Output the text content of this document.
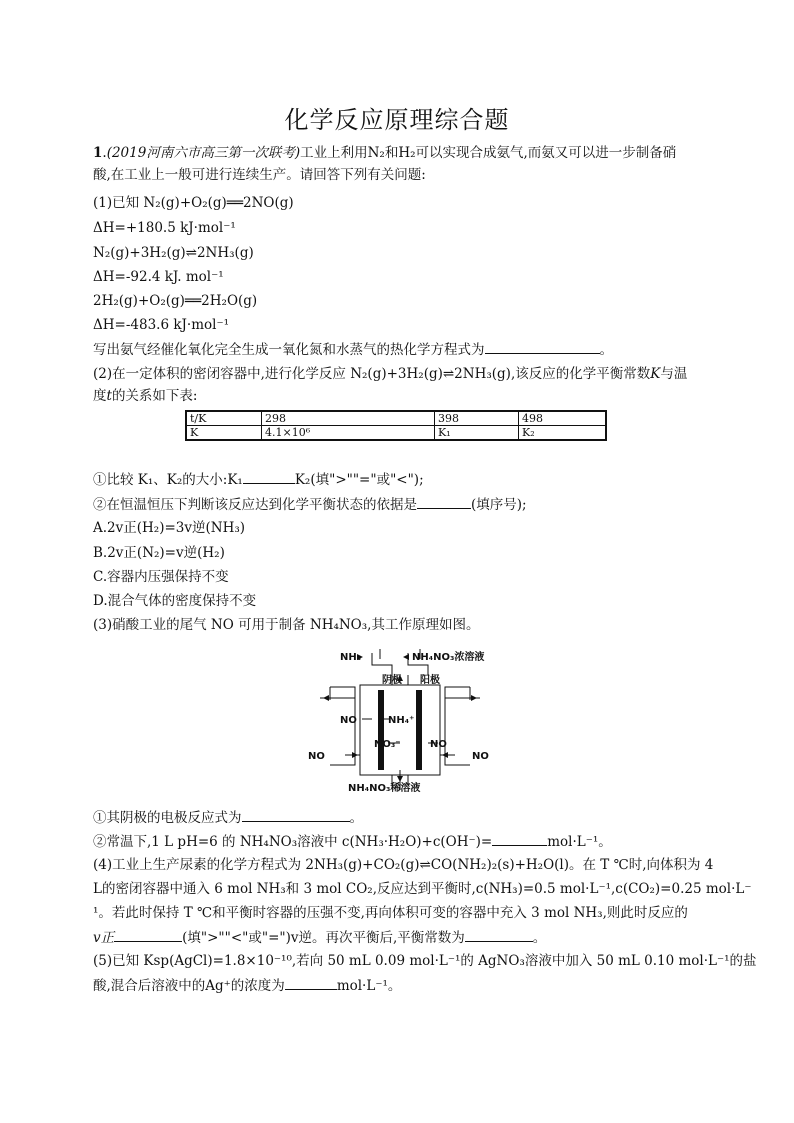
化学反应原理综合题
1.(2019河南六市高三第一次联考)工业上利用N₂和H₂可以实现合成氨气,而氨又可以进一步制备硝
酸,在工业上一般可进行连续生产。请回答下列有关问题:
(1)已知 N₂(g)+O₂(g)══2NO(g)
ΔH=+180.5 kJ·mol⁻¹
N₂(g)+3H₂(g)⇌2NH₃(g)
ΔH=-92.4 kJ. mol⁻¹
2H₂(g)+O₂(g)══2H₂O(g)
ΔH=-483.6 kJ·mol⁻¹
写出氨气经催化氧化完全生成一氧化氮和水蒸气的热化学方程式为	。
(2)在一定体积的密闭容器中,进行化学反应 N₂(g)+3H₂(g)⇌2NH₃(g),该反应的化学平衡常数K与温
度t的关系如下表:
t/K	298	398	498
K	4.1×10⁶	K₁	K₂
①比较 K₁、K₂的大小:K₁	K₂(填">""="或"<");
②在恒温恒压下判断该反应达到化学平衡状态的依据是	(填序号);
A.2v正(H₂)=3v逆(NH₃)
B.2v正(N₂)=v逆(H₂)
C.容器内压强保持不变
D.混合气体的密度保持不变
(3)硝酸工业的尾气 NO 可用于制备 NH₄NO₃,其工作原理如图。
NH₃	NH₄NO₃浓溶液
阴极 阳极
NO	NH₄⁺
NO₃⁻	NO
NO	NO
NH₄NO₃稀溶液
①其阴极的电极反应式为	。
②常温下,1 L pH=6 的 NH₄NO₃溶液中 c(NH₃·H₂O)+c(OH⁻)=	mol·L⁻¹。
(4)工业上生产尿素的化学方程式为 2NH₃(g)+CO₂(g)⇌CO(NH₂)₂(s)+H₂O(l)。在 T ℃时,向体积为 4
L的密闭容器中通入 6 mol NH₃和 3 mol CO₂,反应达到平衡时,c(NH₃)=0.5 mol·L⁻¹,c(CO₂)=0.25 mol·L⁻
¹。若此时保持 T ℃和平衡时容器的压强不变,再向体积可变的容器中充入 3 mol NH₃,则此时反应的
v正	(填">""<"或"=")v逆。再次平衡后,平衡常数为	。
(5)已知 Ksp(AgCl)=1.8×10⁻¹⁰,若向 50 mL 0.09 mol·L⁻¹的 AgNO₃溶液中加入 50 mL 0.10 mol·L⁻¹的盐
酸,混合后溶液中的Ag⁺的浓度为	mol·L⁻¹。
